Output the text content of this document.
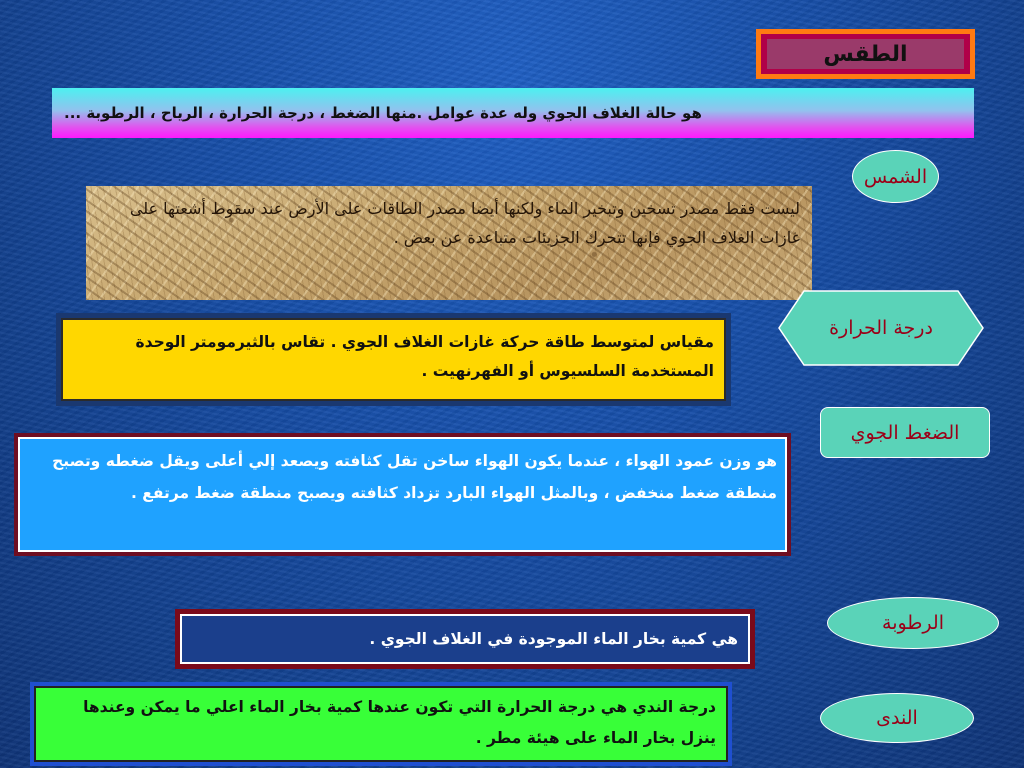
الطقس
هو حالة الغلاف الجوي وله عدة عوامل .منها الضغط ، درجة الحرارة ، الرياح ، الرطوبة ...
الشمس
ليست فقط مصدر تسخين وتبخير الماء ولكنها أيضا مصدر الطاقات على الأرض عند سقوط أشعتها على غازات الغلاف الجوي فإنها تتحرك الجزيئات متباعدة عن بعض .
درجة الحرارة
مقياس لمتوسط طاقة حركة غازات الغلاف الجوي . تقاس بالثيرمومتر الوحدة المستخدمة السلسيوس أو الفهرنهيت .
الضغط الجوي
هو وزن عمود الهواء ، عندما يكون الهواء ساخن تقل كثافته ويصعد إلي أعلى ويقل ضغطه وتصبح منطقة ضغط منخفض ، وبالمثل الهواء البارد تزداد كثافته ويصبح منطقة ضغط مرتفع .
الرطوبة
هي كمية بخار الماء الموجودة في الغلاف الجوي .
الندى
درجة الندي هي درجة الحرارة التي تكون عندها كمية بخار الماء اعلي ما يمكن وعندها ينزل بخار الماء على هيئة مطر .
